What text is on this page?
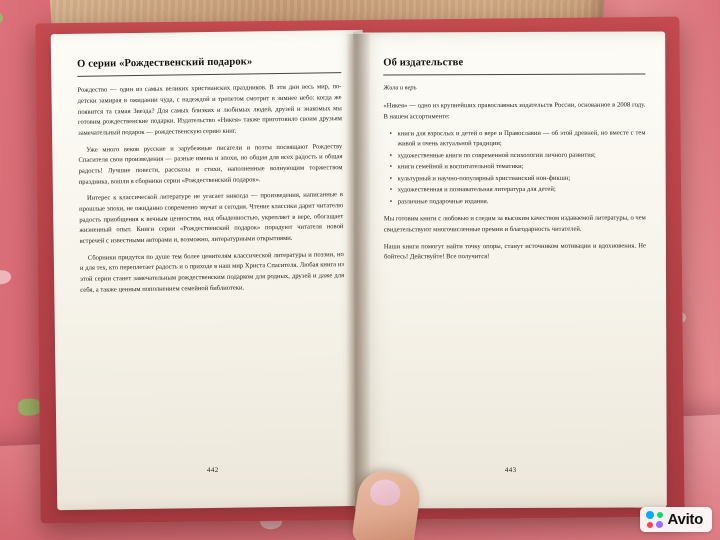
О серии «Рождественский подарок»

Рождество — один из самых великих христианских праздников. В эти дни весь мир, по-детски замирая в ожидании чуда, с надеждой и трепетом смотрит в зимнее небо: когда же появится та самая Звезда? Для самых близких и любимых людей, друзей и знакомых мы готовим рождественские подарки. Издательство «Никея» также приготовило своим друзьям замечательный подарок — рождественскую серию книг.

Уже много веков русские и зарубежные писатели и поэты посвящают Рождеству Спасителя свои произведения — разные имена и эпохи, но общая для всех радость и общая радость! Лучшие повести, рассказы и стихи, наполненные волнующим торжеством праздника, вошли в сборники серии «Рождественский подарок».

Интерес к классической литературе не угасает никогда — произведения, написанные в прошлые эпохи, не ожиданно современно звучат и сегодня. Чтение классики дарит читателю радость приобщения к вечным ценностям, над обыденностью, укрепляет в вере, обогащает жизненный опыт. Книги серии «Рождественский подарок» порадуют читателя новой встречей с известными авторами и, возможно, литературными открытиями.

Сборники придутся по душе тем более ценителям классической литературы и поэзии, но и для тех, кто переплетает радость и о приходе в наш мир Христа Спасителя. Любая книга из этой серии станет замечательным рождественским подарком для родных, друзей и даже для себя, а также ценным пополнением семейной библиотеки.

442
Об издательстве

Жили и верь

«Никея» — одно из крупнейших православных издательств России, основанное в 2008 году. В нашем ассортименте:

• книги для взрослых и детей о вере и Православии — об этой древней, но вместе с тем живой и очень актуальной традиции;
• художественные книги по современной психологии личного развития;
• книги семейной и воспитательной тематики;
• культурный и научно-популярный христианский нон-фикшн;
• художественная и познавательная литература для детей;
• различные подарочные издания.

Мы готовим книги с любовью и следим за высоким качеством издаваемой литературы, о чем свидетельствуют многочисленные премии и благодарность читателей.

Наши книги помогут найти точку опоры, станут источником мотивации и вдохновения. Не бойтесь! Действуйте! Все получится!

443
Avito
